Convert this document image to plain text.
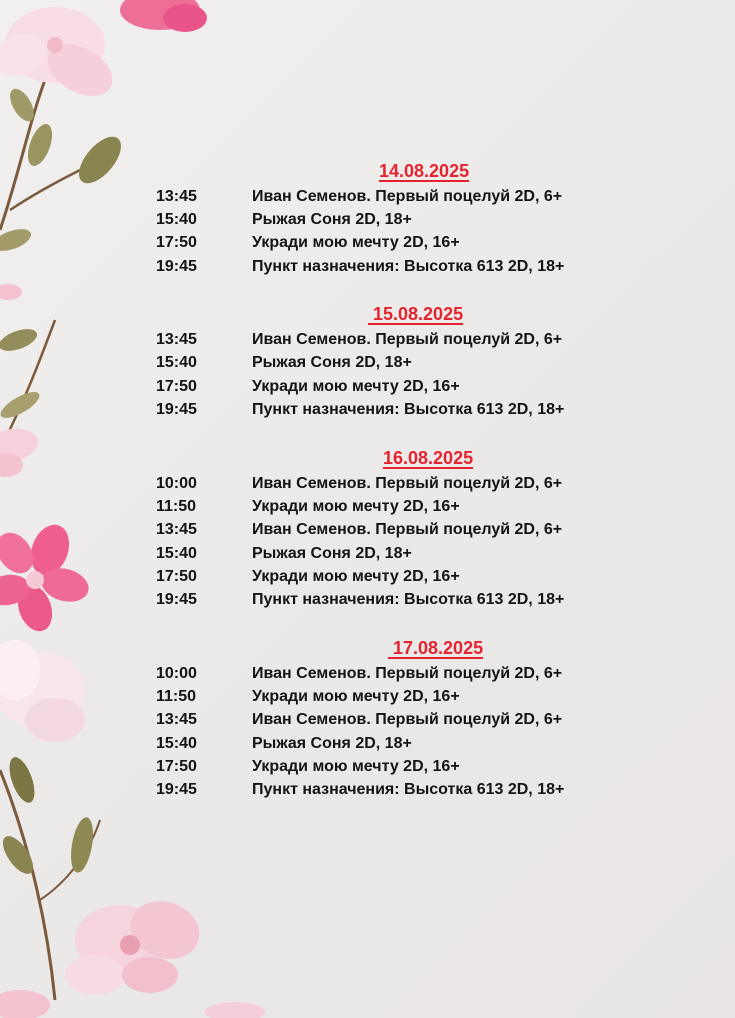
14.08.2025
13:45	Иван Семенов. Первый поцелуй 2D, 6+
15:40	Рыжая Соня 2D, 18+
17:50	Укради мою мечту 2D, 16+
19:45	Пункт назначения: Высотка 613 2D, 18+
15.08.2025
13:45	Иван Семенов. Первый поцелуй 2D, 6+
15:40	Рыжая Соня 2D, 18+
17:50	Укради мою мечту 2D, 16+
19:45	Пункт назначения: Высотка 613 2D, 18+
16.08.2025
10:00	Иван Семенов. Первый поцелуй 2D, 6+
11:50	Укради мою мечту 2D, 16+
13:45	Иван Семенов. Первый поцелуй 2D, 6+
15:40	Рыжая Соня 2D, 18+
17:50	Укради мою мечту 2D, 16+
19:45	Пункт назначения: Высотка 613 2D, 18+
17.08.2025
10:00	Иван Семенов. Первый поцелуй 2D, 6+
11:50	Укради мою мечту 2D, 16+
13:45	Иван Семенов. Первый поцелуй 2D, 6+
15:40	Рыжая Соня 2D, 18+
17:50	Укради мою мечту 2D, 16+
19:45	Пункт назначения: Высотка 613 2D, 18+
